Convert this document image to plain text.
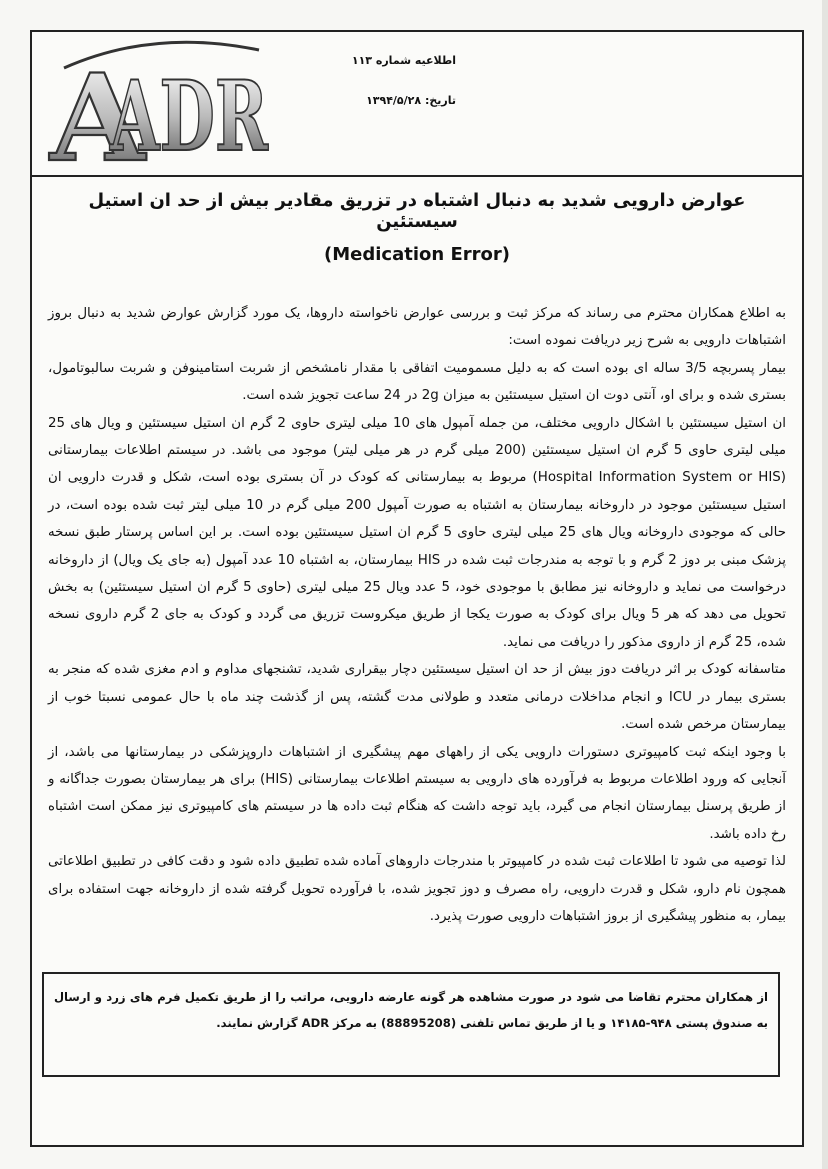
A
ADR	اطلاعیه شماره ۱۱۳
تاریخ: ۱۳۹۴/۵/۲۸
عوارض دارویی شدید به دنبال اشتباه در تزریق مقادیر بیش از حد ان استیل سیستئین
(Medication Error)

به اطلاع همکاران محترم می رساند که مرکز ثبت و بررسی عوارض ناخواسته داروها، یک مورد گزارش عوارض شدید به دنبال بروز اشتباهات دارویی به شرح زیر دریافت نموده است:

بیمار پسربچه 3/5 ساله ای بوده است که به دلیل مسمومیت اتفاقی با مقدار نامشخص از شربت استامینوفن و شربت سالبوتامول، بستری شده و برای او، آنتی دوت ان استیل سیستئین به میزان 2g در 24 ساعت تجویز شده است.

ان استیل سیستئین با اشکال دارویی مختلف، من جمله آمپول های 10 میلی لیتری حاوی 2 گرم ان استیل سیستئین و ویال های 25 میلی لیتری حاوی 5 گرم ان استیل سیستئین (200 میلی گرم در هر میلی لیتر) موجود می باشد. در سیستم اطلاعات بیمارستانی (Hospital Information System or HIS) مربوط به بیمارستانی که کودک در آن بستری بوده است، شکل و قدرت دارویی ان استیل سیستئین موجود در داروخانه بیمارستان به اشتباه به صورت آمپول 200 میلی گرم در 10 میلی لیتر ثبت شده بوده است، در حالی که موجودی داروخانه ویال های 25 میلی لیتری حاوی 5 گرم ان استیل سیستئین بوده است. بر این اساس پرستار طبق نسخه پزشک مبنی بر دوز 2 گرم و با توجه به مندرجات ثبت شده در HIS بیمارستان، به اشتباه 10 عدد آمپول (به جای یک ویال) از داروخانه درخواست می نماید و داروخانه نیز مطابق با موجودی خود، 5 عدد ویال 25 میلی لیتری (حاوی 5 گرم ان استیل سیستئین) به بخش تحویل می دهد که هر 5 ویال برای کودک به صورت یکجا از طریق میکروست تزریق می گردد و کودک به جای 2 گرم داروی نسخه شده، 25 گرم از داروی مذکور را دریافت می نماید.

متاسفانه کودک بر اثر دریافت دوز بیش از حد ان استیل سیستئین دچار بیقراری شدید، تشنجهای مداوم و ادم مغزی شده که منجر به بستری بیمار در ICU و انجام مداخلات درمانی متعدد و طولانی مدت گشته، پس از گذشت چند ماه با حال عمومی نسبتا خوب از بیمارستان مرخص شده است.

با وجود اینکه ثبت کامپیوتری دستورات دارویی یکی از راههای مهم پیشگیری از اشتباهات داروپزشکی در بیمارستانها می باشد، از آنجایی که ورود اطلاعات مربوط به فرآورده های دارویی به سیستم اطلاعات بیمارستانی (HIS) برای هر بیمارستان بصورت جداگانه و از طریق پرسنل بیمارستان انجام می گیرد، باید توجه داشت که هنگام ثبت داده ها در سیستم های کامپیوتری نیز ممکن است اشتباه رخ داده باشد.

لذا توصیه می شود تا اطلاعات ثبت شده در کامپیوتر با مندرجات داروهای آماده شده تطبیق داده شود و دقت کافی در تطبیق اطلاعاتی همچون نام دارو، شکل و قدرت دارویی، راه مصرف و دوز تجویز شده، با فرآورده تحویل گرفته شده از داروخانه جهت استفاده برای بیمار، به منظور پیشگیری از بروز اشتباهات دارویی صورت پذیرد.

از همکاران محترم تقاضا می شود در صورت مشاهده هر گونه عارضه دارویی، مراتب را از طریق تکمیل فرم های زرد و ارسال به صندوق پستی ۹۴۸-۱۴۱۸۵ و یا از طریق تماس تلفنی (88895208) به مرکز ADR گزارش نمایند.
